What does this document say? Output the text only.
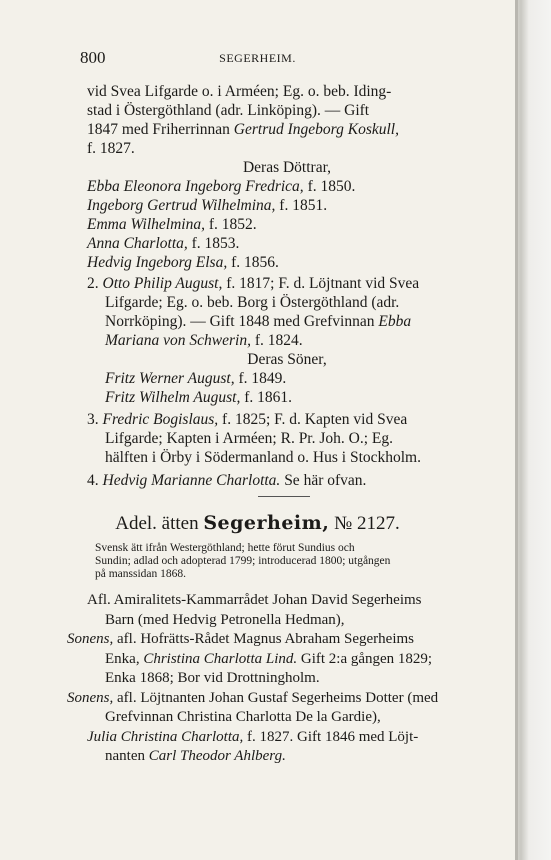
800	SEGERHEIM.
vid Svea Lifgarde o. i Arméen; Eg. o. beb. Iding-
stad i Östergöthland (adr. Linköping). — Gift
1847 med Friherrinnan Gertrud Ingeborg Koskull,
f. 1827.
Deras Döttrar,
Ebba Eleonora Ingeborg Fredrica, f. 1850.
Ingeborg Gertrud Wilhelmina, f. 1851.
Emma Wilhelmina, f. 1852.
Anna Charlotta, f. 1853.
Hedvig Ingeborg Elsa, f. 1856.
2. Otto Philip August, f. 1817; F. d. Löjtnant vid Svea
Lifgarde; Eg. o. beb. Borg i Östergöthland (adr.
Norrköping). — Gift 1848 med Grefvinnan Ebba
Mariana von Schwerin, f. 1824.
Deras Söner,
Fritz Werner August, f. 1849.
Fritz Wilhelm August, f. 1861.
3. Fredric Bogislaus, f. 1825; F. d. Kapten vid Svea
Lifgarde; Kapten i Arméen; R. Pr. Joh. O.; Eg.
hälften i Örby i Södermanland o. Hus i Stockholm.
4. Hedvig Marianne Charlotta. Se här ofvan.
Adel. ätten Segerheim, № 2127.
Svensk ätt ifrån Westergöthland; hette förut Sundius och
Sundin; adlad och adopterad 1799; introducerad 1800; utgången
på manssidan 1868.
Afl. Amiralitets-Kammarrådet Johan David Segerheims
Barn (med Hedvig Petronella Hedman),
Sonens, afl. Hofrätts-Rådet Magnus Abraham Segerheims
Enka, Christina Charlotta Lind. Gift 2:a gången 1829;
Enka 1868; Bor vid Drottningholm.
Sonens, afl. Löjtnanten Johan Gustaf Segerheims Dotter (med
Grefvinnan Christina Charlotta De la Gardie),
Julia Christina Charlotta, f. 1827. Gift 1846 med Löjt-
nanten Carl Theodor Ahlberg.
